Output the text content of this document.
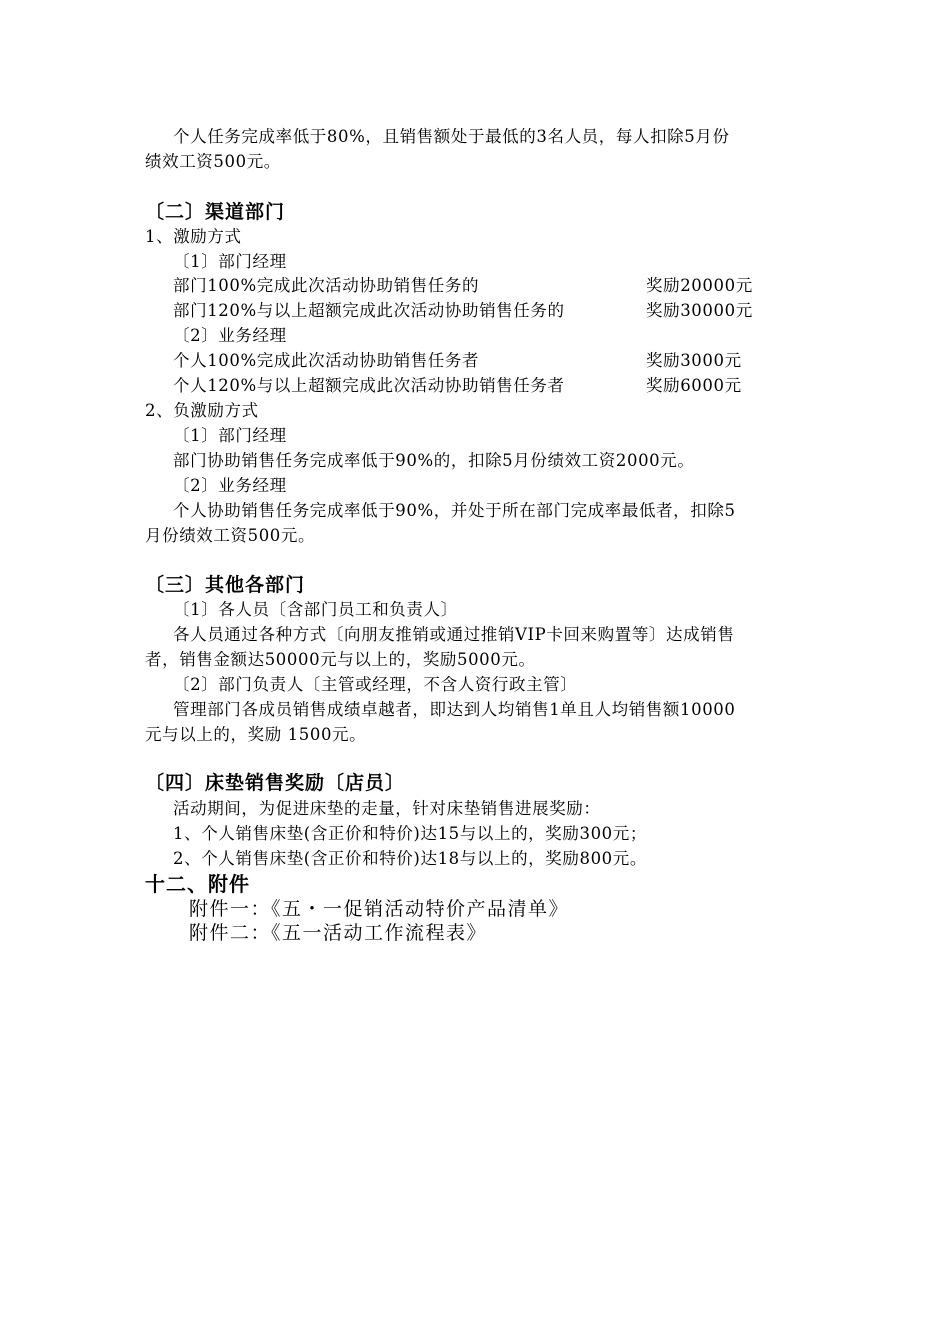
个人任务完成率低于80%，且销售额处于最低的3名人员，每人扣除5月份
绩效工资500元。
〔二〕渠道部门
1、激励方式
〔1〕部门经理
部门100%完成此次活动协助销售任务的	奖励20000元
部门120%与以上超额完成此次活动协助销售任务的	奖励30000元
〔2〕业务经理
个人100%完成此次活动协助销售任务者	奖励3000元
个人120%与以上超额完成此次活动协助销售任务者	奖励6000元
2、负激励方式
〔1〕部门经理
部门协助销售任务完成率低于90%的，扣除5月份绩效工资2000元。
〔2〕业务经理
个人协助销售任务完成率低于90%，并处于所在部门完成率最低者，扣除5
月份绩效工资500元。
〔三〕其他各部门
〔1〕各人员〔含部门员工和负责人〕
各人员通过各种方式〔向朋友推销或通过推销VIP卡回来购置等〕达成销售
者，销售金额达50000元与以上的，奖励5000元。
〔2〕部门负责人〔主管或经理，不含人资行政主管〕
管理部门各成员销售成绩卓越者，即达到人均销售1单且人均销售额10000
元与以上的，奖励 1500元。
〔四〕床垫销售奖励〔店员〕
活动期间，为促进床垫的走量，针对床垫销售进展奖励：
1、个人销售床垫(含正价和特价)达15与以上的，奖励300元；
2、个人销售床垫(含正价和特价)达18与以上的，奖励800元。
十二、附件
附件一：《五・一促销活动特价产品清单》
附件二：《五一活动工作流程表》
